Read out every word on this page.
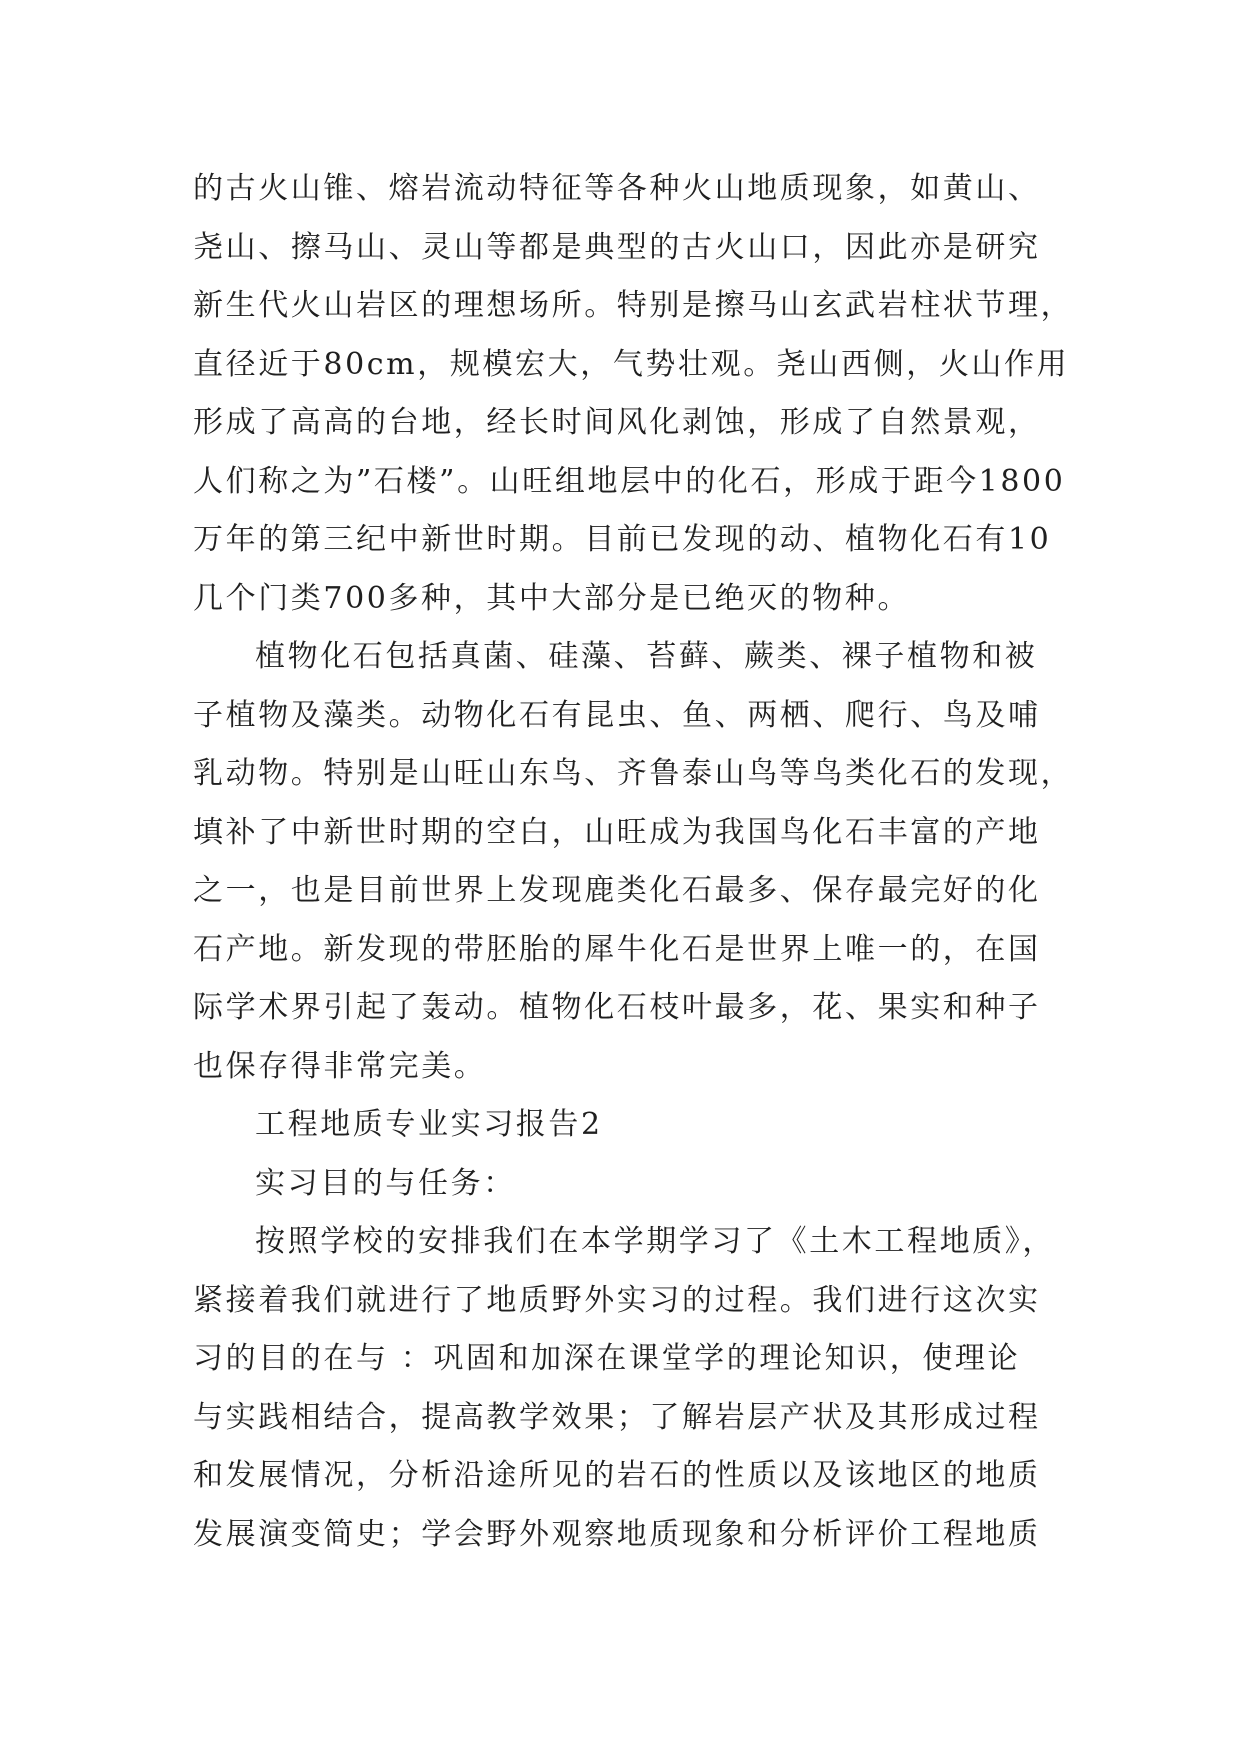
的古火山锥、熔岩流动特征等各种火山地质现象，如黄山、
尧山、擦马山、灵山等都是典型的古火山口，因此亦是研究
新生代火山岩区的理想场所。特别是擦马山玄武岩柱状节理，
直径近于80cm，规模宏大，气势壮观。尧山西侧，火山作用
形成了高高的台地，经长时间风化剥蚀，形成了自然景观，
人们称之为”石楼”。山旺组地层中的化石，形成于距今1800
万年的第三纪中新世时期。目前已发现的动、植物化石有10
几个门类700多种，其中大部分是已绝灭的物种。
植物化石包括真菌、硅藻、苔藓、蕨类、裸子植物和被
子植物及藻类。动物化石有昆虫、鱼、两栖、爬行、鸟及哺
乳动物。特别是山旺山东鸟、齐鲁泰山鸟等鸟类化石的发现，
填补了中新世时期的空白，山旺成为我国鸟化石丰富的产地
之一，也是目前世界上发现鹿类化石最多、保存最完好的化
石产地。新发现的带胚胎的犀牛化石是世界上唯一的，在国
际学术界引起了轰动。植物化石枝叶最多，花、果实和种子
也保存得非常完美。
工程地质专业实习报告2
实习目的与任务：
按照学校的安排我们在本学期学习了《土木工程地质》，
紧接着我们就进行了地质野外实习的过程。我们进行这次实
习的目的在与 ：巩固和加深在课堂学的理论知识，使理论
与实践相结合，提高教学效果；了解岩层产状及其形成过程
和发展情况，分析沿途所见的岩石的性质以及该地区的地质
发展演变简史；学会野外观察地质现象和分析评价工程地质
